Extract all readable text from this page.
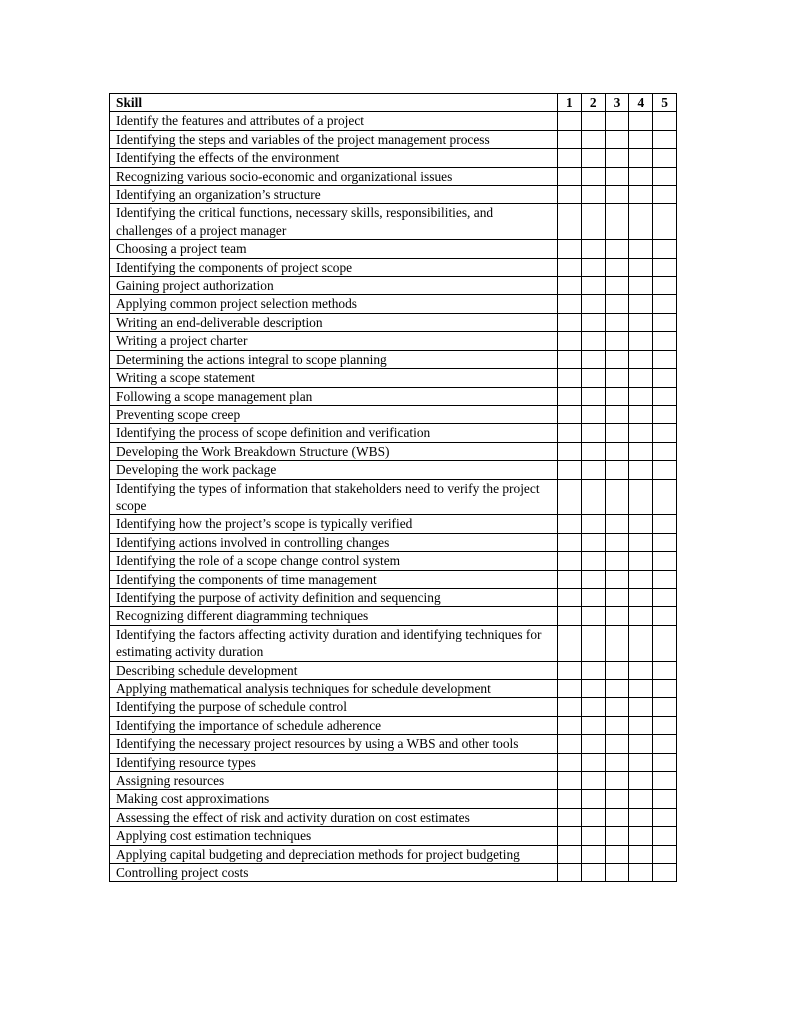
Skill	1	2	3	4	5
Identify the features and attributes of a project					
Identifying the steps and variables of the project management process					
Identifying the effects of the environment					
Recognizing various socio-economic and organizational issues					
Identifying an organization’s structure					
Identifying the critical functions, necessary skills, responsibilities, and challenges of a project manager					
Choosing a project team					
Identifying the components of project scope					
Gaining project authorization					
Applying common project selection methods					
Writing an end-deliverable description					
Writing a project charter					
Determining the actions integral to scope planning					
Writing a scope statement					
Following a scope management plan					
Preventing scope creep					
Identifying the process of scope definition and verification					
Developing the Work Breakdown Structure (WBS)					
Developing the work package					
Identifying the types of information that stakeholders need to verify the project scope					
Identifying how the project’s scope is typically verified					
Identifying actions involved in controlling changes					
Identifying the role of a scope change control system					
Identifying the components of time management					
Identifying the purpose of activity definition and sequencing					
Recognizing different diagramming techniques					
Identifying the factors affecting activity duration and identifying techniques for estimating activity duration					
Describing schedule development					
Applying mathematical analysis techniques for schedule development					
Identifying the purpose of schedule control					
Identifying the importance of schedule adherence					
Identifying the necessary project resources by using a WBS and other tools					
Identifying resource types					
Assigning resources					
Making cost approximations					
Assessing the effect of risk and activity duration on cost estimates					
Applying cost estimation techniques					
Applying capital budgeting and depreciation methods for project budgeting					
Controlling project costs					
